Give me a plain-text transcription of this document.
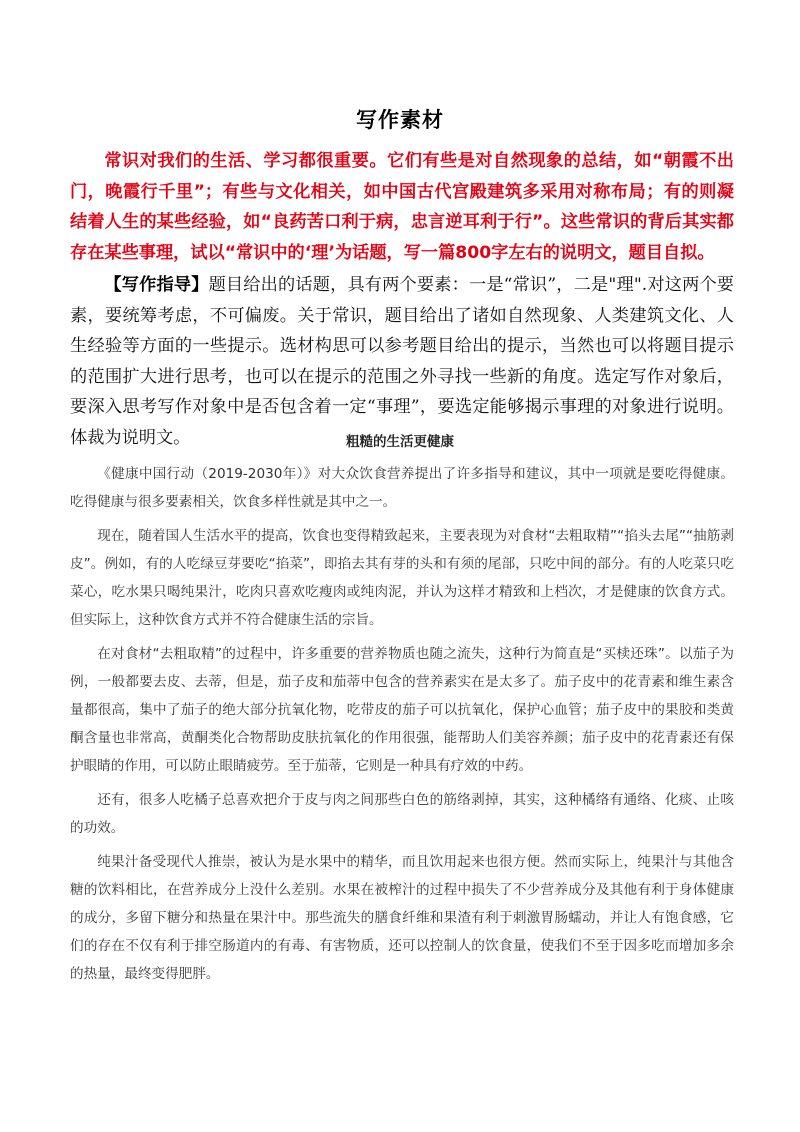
写作素材

常识对我们的生活、学习都很重要。它们有些是对自然现象的总结，如“朝霞不出门，晚霞行千里”；有些与文化相关，如中国古代宫殿建筑多采用对称布局；有的则凝结着人生的某些经验，如“良药苦口利于病，忠言逆耳利于行”。这些常识的背后其实都存在某些事理，试以“常识中的‘理’为话题，写一篇800字左右的说明文，题目自拟。

【写作指导】题目给出的话题，具有两个要素：一是“常识”，二是"理".对这两个要素，要统筹考虑，不可偏废。关于常识，题目给出了诸如自然现象、人类建筑文化、人生经验等方面的一些提示。选材构思可以参考题目给出的提示，当然也可以将题目提示的范围扩大进行思考，也可以在提示的范围之外寻找一些新的角度。选定写作对象后，要深入思考写作对象中是否包含着一定“事理”，要选定能够揭示事理的对象进行说明。体裁为说明文。	粗糙的生活更健康

《健康中国行动（2019-2030年）》对大众饮食营养提出了许多指导和建议，其中一项就是要吃得健康。吃得健康与很多要素相关，饮食多样性就是其中之一。

现在，随着国人生活水平的提高，饮食也变得精致起来，主要表现为对食材“去粗取精”“掐头去尾”“抽筋剥皮”。例如，有的人吃绿豆芽要吃“掐菜”，即掐去其有芽的头和有须的尾部，只吃中间的部分。有的人吃菜只吃菜心，吃水果只喝纯果汁，吃肉只喜欢吃瘦肉或纯肉泥，并认为这样才精致和上档次，才是健康的饮食方式。但实际上，这种饮食方式并不符合健康生活的宗旨。

在对食材“去粗取精”的过程中，许多重要的营养物质也随之流失，这种行为简直是“买椟还珠”。以茄子为例，一般都要去皮、去蒂，但是，茄子皮和茄蒂中包含的营养素实在是太多了。茄子皮中的花青素和维生素含量都很高，集中了茄子的绝大部分抗氧化物，吃带皮的茄子可以抗氧化，保护心血管；茄子皮中的果胶和类黄酮含量也非常高，黄酮类化合物帮助皮肤抗氧化的作用很强，能帮助人们美容养颜；茄子皮中的花青素还有保护眼睛的作用，可以防止眼睛疲劳。至于茄蒂，它则是一种具有疗效的中药。

还有，很多人吃橘子总喜欢把介于皮与肉之间那些白色的筋络剥掉，其实，这种橘络有通络、化痰、止咳的功效。

纯果汁备受现代人推崇，被认为是水果中的精华，而且饮用起来也很方便。然而实际上，纯果汁与其他含糖的饮料相比，在营养成分上没什么差别。水果在被榨汁的过程中损失了不少营养成分及其他有利于身体健康的成分，多留下糖分和热量在果汁中。那些流失的膳食纤维和果渣有利于刺激胃肠蠕动，并让人有饱食感，它们的存在不仅有利于排空肠道内的有毒、有害物质，还可以控制人的饮食量，使我们不至于因多吃而增加多余的热量，最终变得肥胖。
